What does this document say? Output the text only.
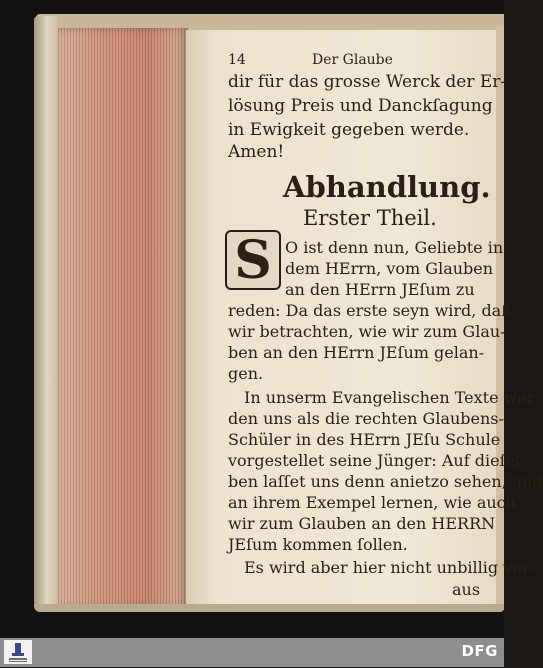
14	Der Glaube
dir für das grosse Werck der Er-
lösung Preis und Danckſagung
in Ewigkeit gegeben werde.
Amen!
Abhandlung.
Erster Theil.
S O ist denn nun, Geliebte in
dem HErrn, vom Glauben
an den HErrn JEſum zu
reden: Da das erste seyn wird, daß
wir betrachten, wie wir zum Glau-
ben an den HErrn JEſum gelan-
gen.
In unserm Evangelischen Texte wer-
den uns als die rechten Glaubens-
Schüler in des HErrn JEſu Schule
vorgestellet seine Jünger: Auf dieſel-
ben laſſet uns denn anietzo sehen, und
an ihrem Exempel lernen, wie auch
wir zum Glauben an den HERRN
JEſum kommen ſollen.
Es wird aber hier nicht unbillig vor-
aus
DFG
